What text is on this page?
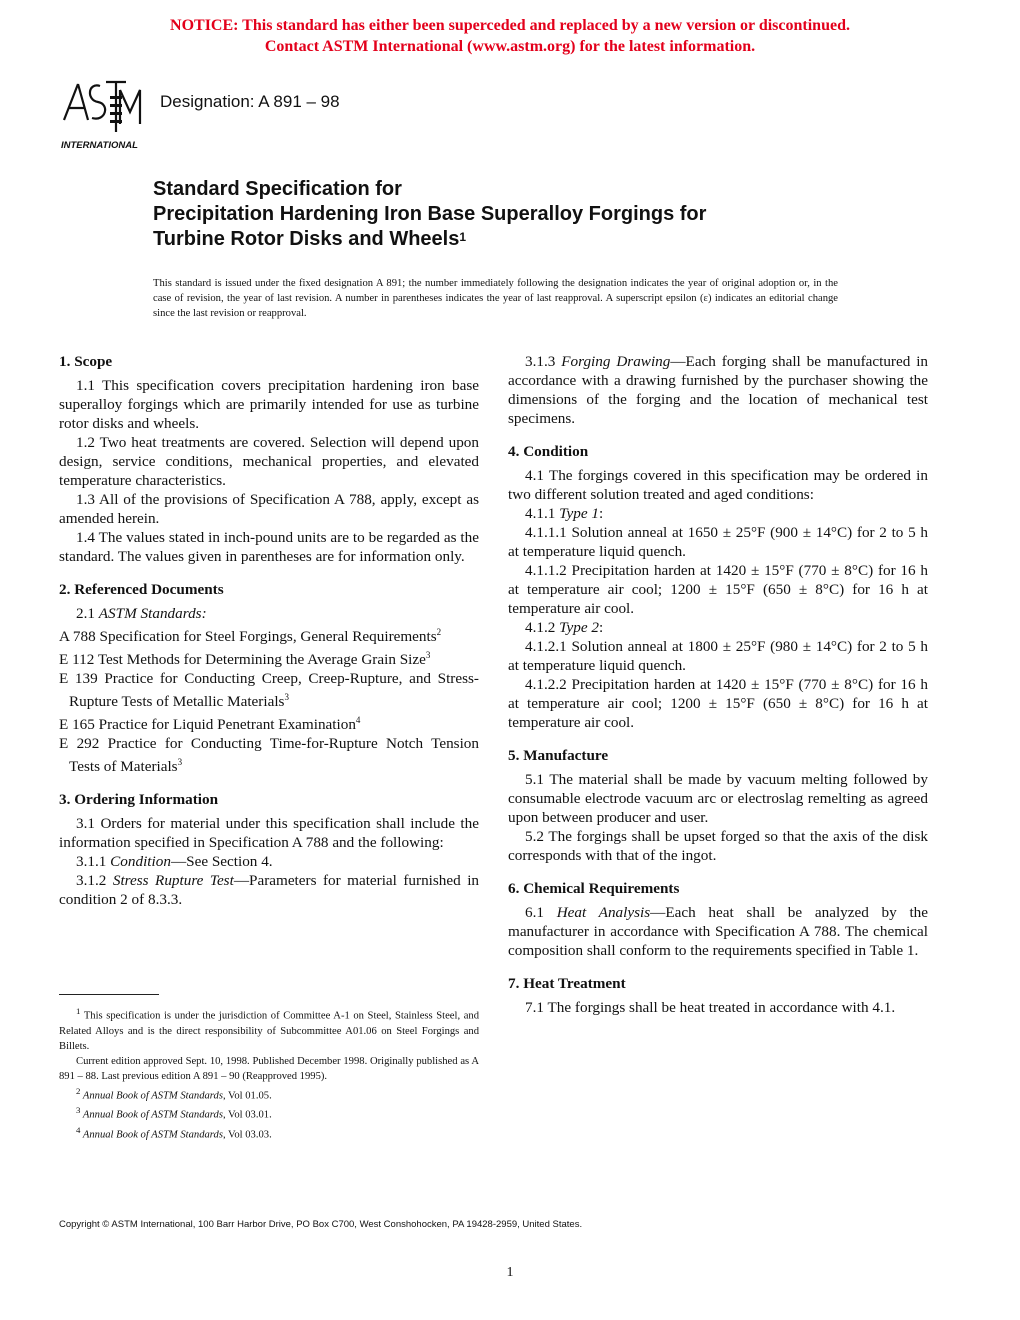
NOTICE: This standard has either been superceded and replaced by a new version or discontinued.
Contact ASTM International (www.astm.org) for the latest information.
INTERNATIONAL
Designation: A 891 – 98
Standard Specification for
Precipitation Hardening Iron Base Superalloy Forgings for
Turbine Rotor Disks and Wheels$^1$
This standard is issued under the fixed designation A 891; the number immediately following the designation indicates the year of original adoption or, in the case of revision, the year of last revision. A number in parentheses indicates the year of last reapproval. A superscript epsilon (ε) indicates an editorial change since the last revision or reapproval.
1. Scope

1.1 This specification covers precipitation hardening iron base superalloy forgings which are primarily intended for use as turbine rotor disks and wheels.

1.2 Two heat treatments are covered. Selection will depend upon design, service conditions, mechanical properties, and elevated temperature characteristics.

1.3 All of the provisions of Specification A 788, apply, except as amended herein.

1.4 The values stated in inch-pound units are to be regarded as the standard. The values given in parentheses are for information only.

2. Referenced Documents

2.1 ASTM Standards:

A 788 Specification for Steel Forgings, General Requirements$^2$

E 112 Test Methods for Determining the Average Grain Size$^3$

E 139 Practice for Conducting Creep, Creep-Rupture, and Stress-Rupture Tests of Metallic Materials$^3$

E 165 Practice for Liquid Penetrant Examination$^4$

E 292 Practice for Conducting Time-for-Rupture Notch Tension Tests of Materials$^3$

3. Ordering Information

3.1 Orders for material under this specification shall include the information specified in Specification A 788 and the following:

3.1.1 Condition—See Section 4.

3.1.2 Stress Rupture Test—Parameters for material furnished in condition 2 of 8.3.3.

$^1$ This specification is under the jurisdiction of Committee A-1 on Steel, Stainless Steel, and Related Alloys and is the direct responsibility of Subcommittee A01.06 on Steel Forgings and Billets.

Current edition approved Sept. 10, 1998. Published December 1998. Originally published as A 891 – 88. Last previous edition A 891 – 90 (Reapproved 1995).

$^2$ Annual Book of ASTM Standards, Vol 01.05.

$^3$ Annual Book of ASTM Standards, Vol 03.01.

$^4$ Annual Book of ASTM Standards, Vol 03.03.

3.1.3 Forging Drawing—Each forging shall be manufactured in accordance with a drawing furnished by the purchaser showing the dimensions of the forging and the location of mechanical test specimens.

4. Condition

4.1 The forgings covered in this specification may be ordered in two different solution treated and aged conditions:

4.1.1 Type 1:

4.1.1.1 Solution anneal at 1650 ± 25°F (900 ± 14°C) for 2 to 5 h at temperature liquid quench.

4.1.1.2 Precipitation harden at 1420 ± 15°F (770 ± 8°C) for 16 h at temperature air cool; 1200 ± 15°F (650 ± 8°C) for 16 h at temperature air cool.

4.1.2 Type 2:

4.1.2.1 Solution anneal at 1800 ± 25°F (980 ± 14°C) for 2 to 5 h at temperature liquid quench.

4.1.2.2 Precipitation harden at 1420 ± 15°F (770 ± 8°C) for 16 h at temperature air cool; 1200 ± 15°F (650 ± 8°C) for 16 h at temperature air cool.

5. Manufacture

5.1 The material shall be made by vacuum melting followed by consumable electrode vacuum arc or electroslag remelting as agreed upon between producer and user.

5.2 The forgings shall be upset forged so that the axis of the disk corresponds with that of the ingot.

6. Chemical Requirements

6.1 Heat Analysis—Each heat shall be analyzed by the manufacturer in accordance with Specification A 788. The chemical composition shall conform to the requirements specified in Table 1.

7. Heat Treatment

7.1 The forgings shall be heat treated in accordance with 4.1.

Copyright © ASTM International, 100 Barr Harbor Drive, PO Box C700, West Conshohocken, PA 19428-2959, United States.
1
